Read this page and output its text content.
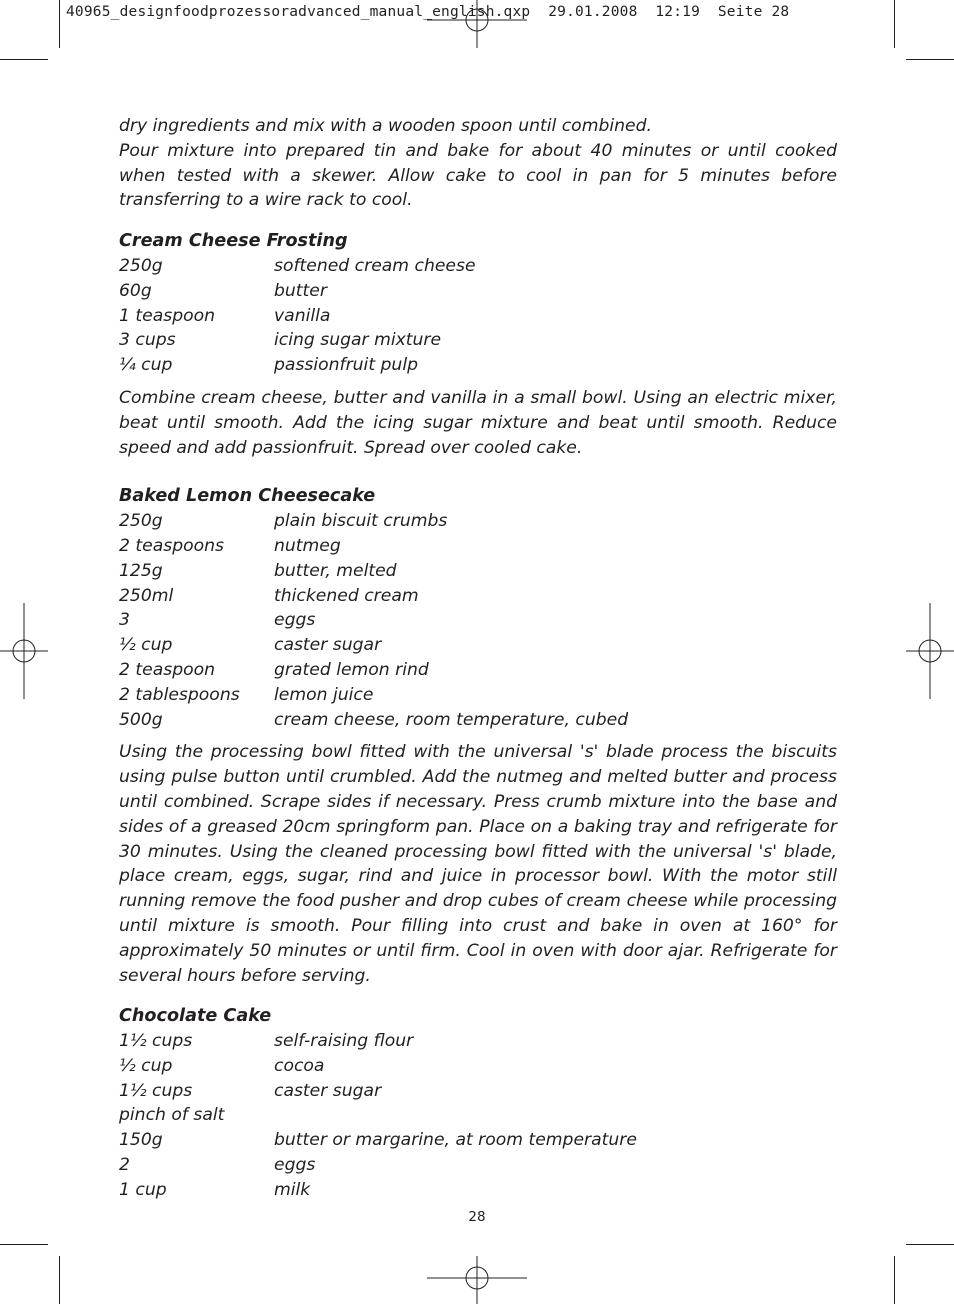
40965_designfoodprozessoradvanced_manual_english.qxp  29.01.2008  12:19  Seite 28

dry ingredients and mix with a wooden spoon until combined.

Pour mixture into prepared tin and bake for about 40 minutes or until cooked when tested with a skewer. Allow cake to cool in pan for 5 minutes before transferring to a wire rack to cool.

Cream Cheese Frosting
250g	softened cream cheese
60g	butter
1 teaspoon	vanilla
3 cups	icing sugar mixture
¼ cup	passionfruit pulp

Combine cream cheese, butter and vanilla in a small bowl. Using an electric mixer, beat until smooth. Add the icing sugar mixture and beat until smooth. Reduce speed and add passionfruit. Spread over cooled cake.

Baked Lemon Cheesecake
250g	plain biscuit crumbs
2 teaspoons	nutmeg
125g	butter, melted
250ml	thickened cream
3	eggs
½ cup	caster sugar
2 teaspoon	grated lemon rind
2 tablespoons	lemon juice
500g	cream cheese, room temperature, cubed

Using the processing bowl fitted with the universal 's' blade process the biscuits using pulse button until crumbled. Add the nutmeg and melted butter and process until combined. Scrape sides if necessary. Press crumb mixture into the base and sides of a greased 20cm springform pan. Place on a baking tray and refrigerate for 30 minutes. Using the cleaned processing bowl fitted with the universal 's' blade, place cream, eggs, sugar, rind and juice in processor bowl. With the motor still running remove the food pusher and drop cubes of cream cheese while processing until mixture is smooth. Pour filling into crust and bake in oven at 160° for approximately 50 minutes or until firm. Cool in oven with door ajar. Refrigerate for several hours before serving.

Chocolate Cake
1½ cups	self-raising flour
½ cup	cocoa
1½ cups	caster sugar
pinch of salt
150g	butter or margarine, at room temperature
2	eggs
1 cup	milk
28
